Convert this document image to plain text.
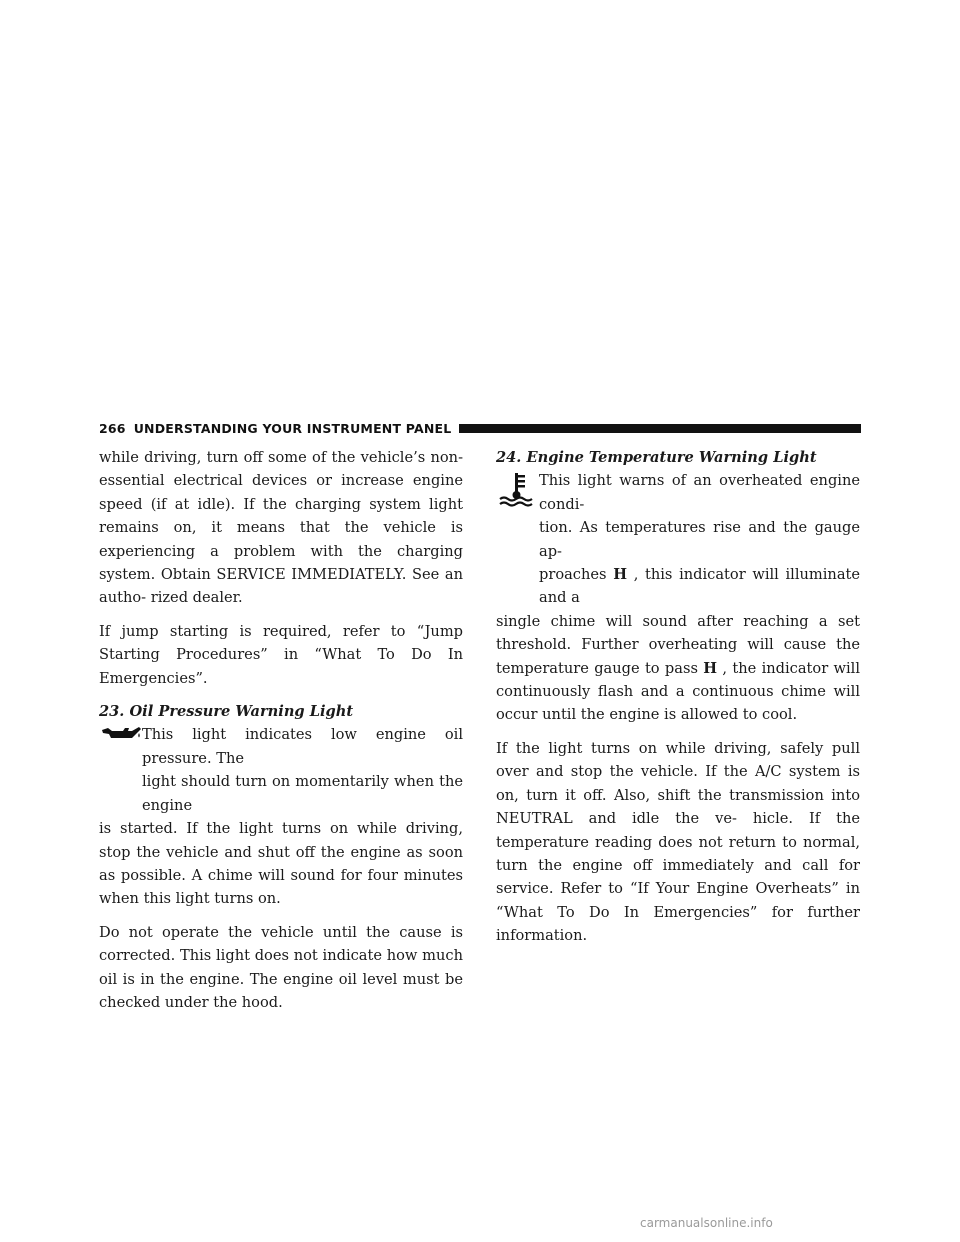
266 UNDERSTANDING YOUR INSTRUMENT PANEL

while driving, turn off some of the vehicle’s non-essential electrical devices or increase engine speed (if at idle). If the charging system light remains on, it means that the vehicle is experiencing a problem with the charging system. Obtain SERVICE IMMEDIATELY. See an autho- rized dealer.

If jump starting is required, refer to “Jump Starting Procedures” in “What To Do In Emergencies”.

23. Oil Pressure Warning Light

This light indicates low engine oil pressure. The
light should turn on momentarily when the engine
is started. If the light turns on while driving, stop the vehicle and shut off the engine as soon as possible. A chime will sound for four minutes when this light turns on.

Do not operate the vehicle until the cause is corrected. This light does not indicate how much oil is in the engine. The engine oil level must be checked under the hood.

24. Engine Temperature Warning Light

This light warns of an overheated engine condi-
tion. As temperatures rise and the gauge ap-
proaches H , this indicator will illuminate and a
single chime will sound after reaching a set threshold. Further overheating will cause the temperature gauge to pass H , the indicator will continuously flash and a continuous chime will occur until the engine is allowed to cool.

If the light turns on while driving, safely pull over and stop the vehicle. If the A/C system is on, turn it off. Also, shift the transmission into NEUTRAL and idle the ve- hicle. If the temperature reading does not return to normal, turn the engine off immediately and call for service. Refer to “If Your Engine Overheats” in “What To Do In Emergencies” for further information.

carmanualsonline.info
